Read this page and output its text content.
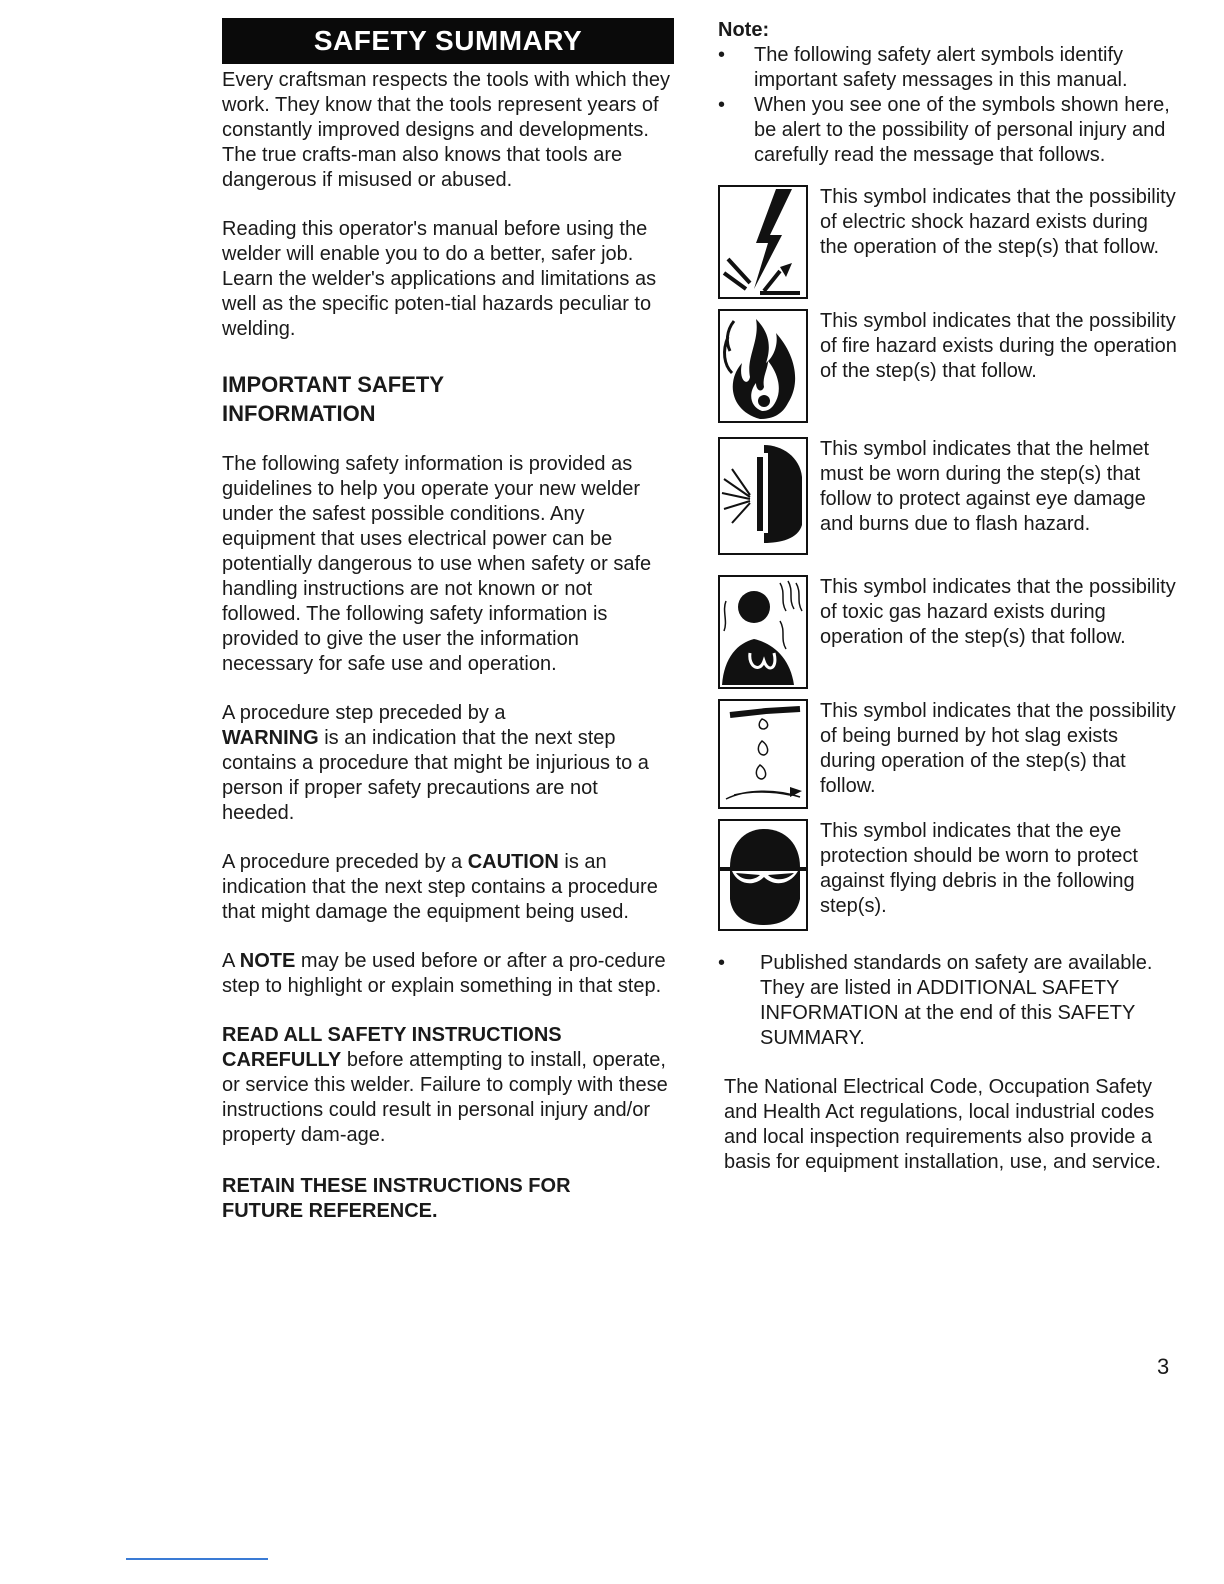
SAFETY SUMMARY

Every craftsman respects the tools with which they work. They know that the tools represent years of constantly improved designs and developments. The true crafts-man also knows that tools are dangerous if misused or abused.

Reading this operator's manual before using the welder will enable you to do a better, safer job. Learn the welder's applications and limitations as well as the specific poten-tial hazards peculiar to welding.

IMPORTANT SAFETY
INFORMATION

The following safety information is provided as guidelines to help you operate your new welder under the safest possible conditions. Any equipment that uses electrical power can be potentially dangerous to use when safety or safe handling instructions are not known or not followed. The following safety information is provided to give the user the information necessary for safe use and operation.

A procedure step preceded by a
WARNING is an indication that the next step contains a procedure that might be injurious to a person if proper safety precautions are not heeded.

A procedure preceded by a CAUTION is an indication that the next step contains a procedure that might damage the equipment being used.

A NOTE may be used before or after a pro-cedure step to highlight or explain something in that step.

READ ALL SAFETY INSTRUCTIONS
CAREFULLY before attempting to install, operate, or service this welder. Failure to comply with these instructions could result in personal injury and/or property dam-age.

RETAIN THESE INSTRUCTIONS FOR
FUTURE REFERENCE.

Note:
• The following safety alert symbols identify important safety messages in this manual.
• When you see one of the symbols shown here, be alert to the possibility of personal injury and carefully read the message that follows.
This symbol indicates that the possibility of electric shock hazard exists during the operation of the step(s) that follow.
This symbol indicates that the possibility of fire hazard exists during the operation of the step(s) that follow.
This symbol indicates that the helmet must be worn during the step(s) that follow to protect against eye damage and burns due to flash hazard.
This symbol indicates that the possibility of toxic gas hazard exists during operation of the step(s) that follow.
This symbol indicates that the possibility of being burned by hot slag exists during operation of the step(s) that follow.
This symbol indicates that the eye protection should be worn to protect against flying debris in the following step(s).
• Published standards on safety are available. They are listed in ADDITIONAL SAFETY INFORMATION at the end of this SAFETY SUMMARY.

The National Electrical Code, Occupation Safety and Health Act regulations, local industrial codes and local inspection requirements also provide a basis for equipment installation, use, and service.

3
